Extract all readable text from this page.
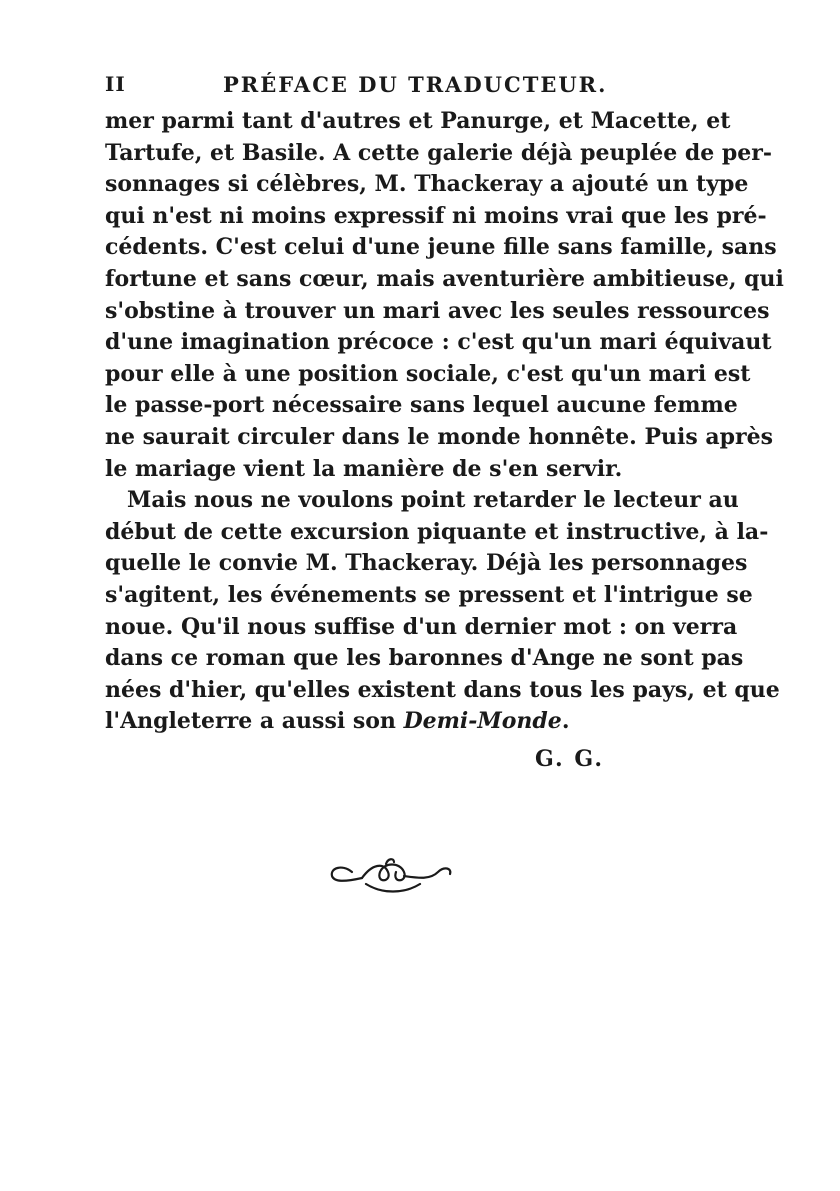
II	PRÉFACE DU TRADUCTEUR.
mer parmi tant d'autres et Panurge, et Macette, et
Tartufe, et Basile. A cette galerie déjà peuplée de per-
sonnages si célèbres, M. Thackeray a ajouté un type
qui n'est ni moins expressif ni moins vrai que les pré-
cédents. C'est celui d'une jeune fille sans famille, sans
fortune et sans cœur, mais aventurière ambitieuse, qui
s'obstine à trouver un mari avec les seules ressources
d'une imagination précoce : c'est qu'un mari équivaut
pour elle à une position sociale, c'est qu'un mari est
le passe-port nécessaire sans lequel aucune femme
ne saurait circuler dans le monde honnête. Puis après
le mariage vient la manière de s'en servir.
Mais nous ne voulons point retarder le lecteur au
début de cette excursion piquante et instructive, à la-
quelle le convie M. Thackeray. Déjà les personnages
s'agitent, les événements se pressent et l'intrigue se
noue. Qu'il nous suffise d'un dernier mot : on verra
dans ce roman que les baronnes d'Ange ne sont pas
nées d'hier, qu'elles existent dans tous les pays, et que
l'Angleterre a aussi son Demi-Monde.
G. G.
